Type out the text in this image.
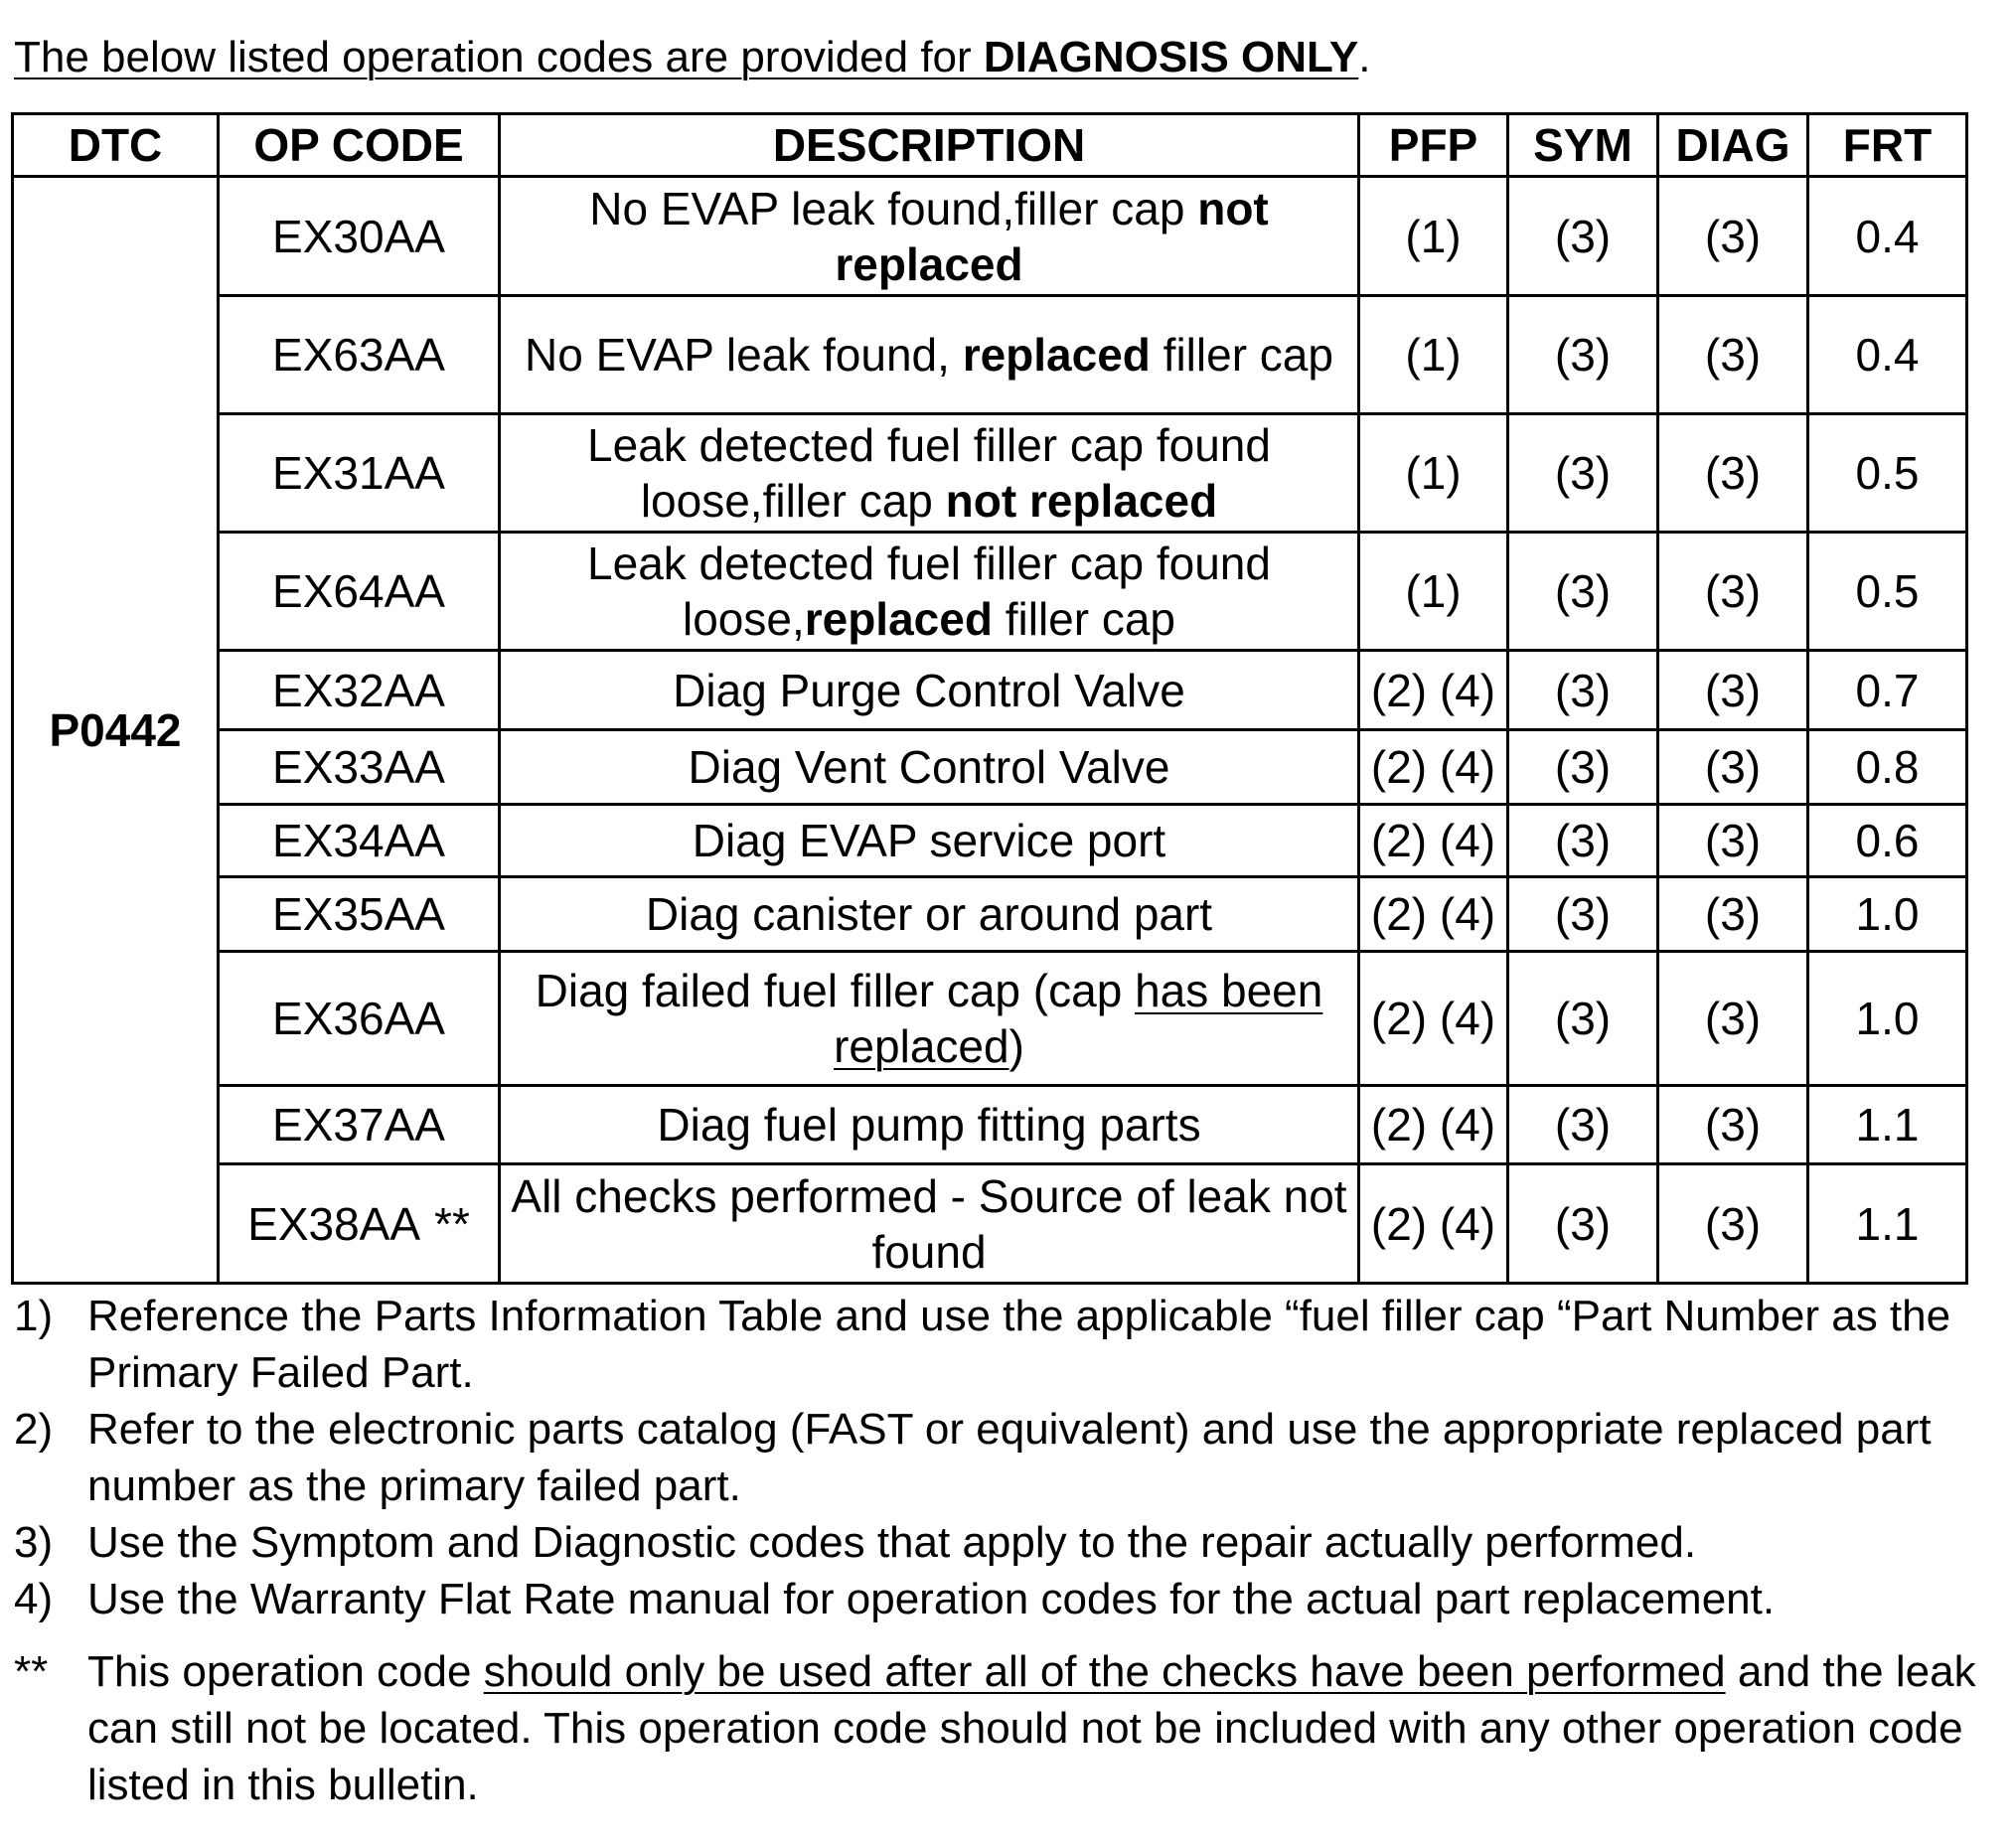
The below listed operation codes are provided for DIAGNOSIS ONLY.
DTC	OP CODE	DESCRIPTION	PFP	SYM	DIAG	FRT
P0442	EX30AA	No EVAP leak found,filler cap not replaced	(1)	(3)	(3)	0.4
	EX63AA	No EVAP leak found, replaced filler cap	(1)	(3)	(3)	0.4
	EX31AA	Leak detected fuel filler cap found loose,filler cap not replaced	(1)	(3)	(3)	0.5
	EX64AA	Leak detected fuel filler cap found loose,replaced filler cap	(1)	(3)	(3)	0.5
	EX32AA	Diag Purge Control Valve	(2) (4)	(3)	(3)	0.7
	EX33AA	Diag Vent Control Valve	(2) (4)	(3)	(3)	0.8
	EX34AA	Diag EVAP service port	(2) (4)	(3)	(3)	0.6
	EX35AA	Diag canister or around part	(2) (4)	(3)	(3)	1.0
	EX36AA	Diag failed fuel filler cap (cap has been replaced)	(2) (4)	(3)	(3)	1.0
	EX37AA	Diag fuel pump fitting parts	(2) (4)	(3)	(3)	1.1
	EX38AA **	All checks performed - Source of leak not found	(2) (4)	(3)	(3)	1.1
1) Reference the Parts Information Table and use the applicable “fuel filler cap “Part Number as the Primary Failed Part.
2) Refer to the electronic parts catalog (FAST or equivalent) and use the appropriate replaced part number as the primary failed part.
3) Use the Symptom and Diagnostic codes that apply to the repair actually performed.
4) Use the Warranty Flat Rate manual for operation codes for the actual part replacement.
** This operation code should only be used after all of the checks have been performed and the leak can still not be located. This operation code should not be included with any other operation code listed in this bulletin.
